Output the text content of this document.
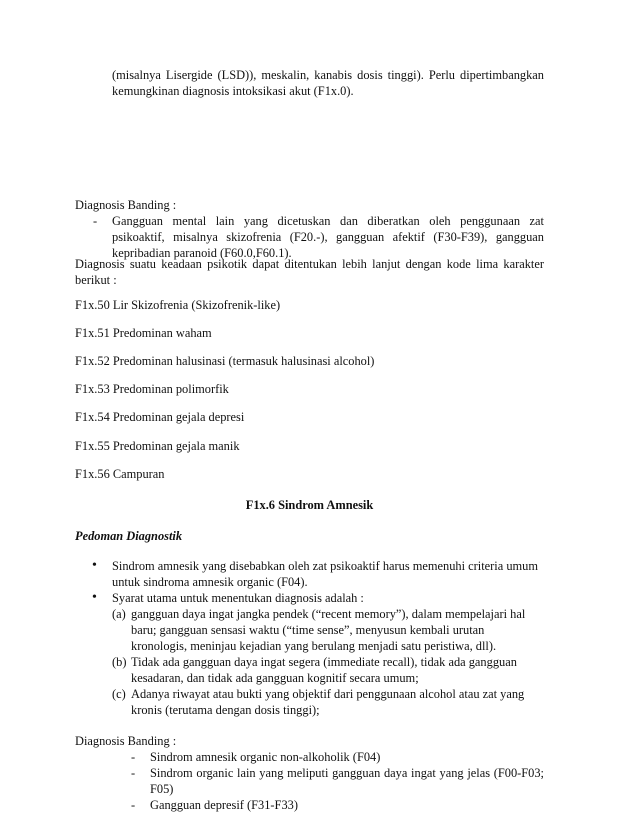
(misalnya Lisergide (LSD)), meskalin, kanabis dosis tinggi). Perlu dipertimbangkan

kemungkinan diagnosis intoksikasi akut (F1x.0).

Diagnosis Banding :

- Gangguan mental lain yang dicetuskan dan diberatkan oleh penggunaan zat

psikoaktif, misalnya skizofrenia (F20.-), gangguan afektif (F30-F39), gangguan

kepribadian paranoid (F60.0,F60.1).

Diagnosis suatu keadaan psikotik dapat ditentukan lebih lanjut dengan kode lima karakter

berikut :

F1x.50 Lir Skizofrenia (Skizofrenik-like)

F1x.51 Predominan waham

F1x.52 Predominan halusinasi (termasuk halusinasi alcohol)

F1x.53 Predominan polimorfik

F1x.54 Predominan gejala depresi

F1x.55 Predominan gejala manik

F1x.56 Campuran

F1x.6 Sindrom Amnesik

Pedoman Diagnostik

• Sindrom amnesik yang disebabkan oleh zat psikoaktif harus memenuhi criteria umum

untuk sindroma amnesik organic (F04).

• Syarat utama untuk menentukan diagnosis adalah :

(a) gangguan daya ingat jangka pendek (“recent memory”), dalam mempelajari hal

baru; gangguan sensasi waktu (“time sense”, menyusun kembali urutan

kronologis, meninjau kejadian yang berulang menjadi satu peristiwa, dll).

(b) Tidak ada gangguan daya ingat segera (immediate recall), tidak ada gangguan

kesadaran, dan tidak ada gangguan kognitif secara umum;

(c) Adanya riwayat atau bukti yang objektif dari penggunaan alcohol atau zat yang

kronis (terutama dengan dosis tinggi);

Diagnosis Banding :

- Sindrom amnesik organic non-alkoholik (F04)

- Sindrom organic lain yang meliputi gangguan daya ingat yang jelas (F00-F03;

F05)

- Gangguan depresif (F31-F33)
